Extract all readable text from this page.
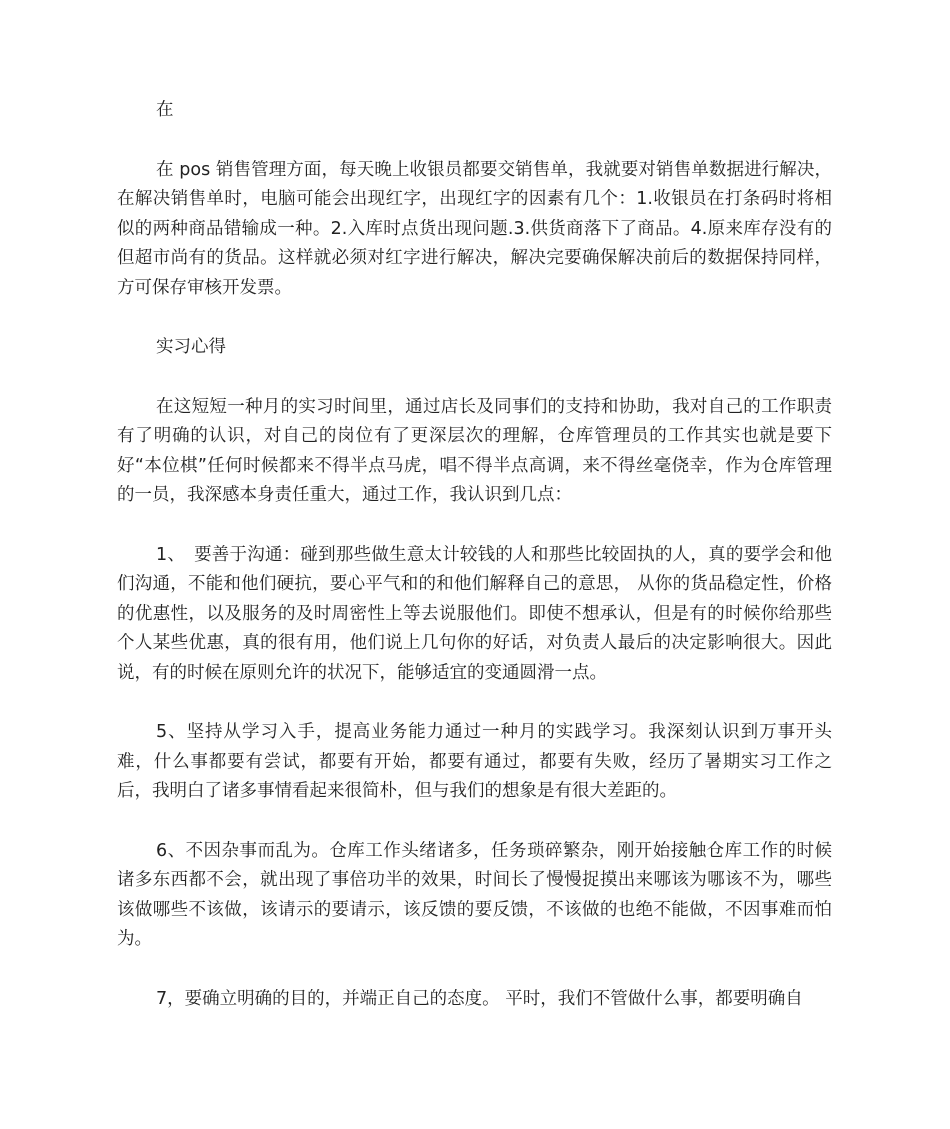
在

在 pos 销售管理方面，每天晚上收银员都要交销售单，我就要对销售单数据进行解决，在解决销售单时，电脑可能会出现红字，出现红字的因素有几个：1.收银员在打条码时将相似的两种商品错输成一种。2.入库时点货出现问题.3.供货商落下了商品。4.原来库存没有的但超市尚有的货品。这样就必须对红字进行解决，解决完要确保解决前后的数据保持同样，方可保存审核开发票。

实习心得

在这短短一种月的实习时间里，通过店长及同事们的支持和协助，我对自己的工作职责有了明确的认识，对自己的岗位有了更深层次的理解，仓库管理员的工作其实也就是要下好“本位棋”任何时候都来不得半点马虎，唱不得半点高调，来不得丝毫侥幸，作为仓库管理的一员，我深感本身责任重大，通过工作，我认识到几点：

1、　要善于沟通：碰到那些做生意太计较钱的人和那些比较固执的人，真的要学会和他们沟通，不能和他们硬抗，要心平气和的和他们解释自己的意思， 从你的货品稳定性，价格的优惠性，以及服务的及时周密性上等去说服他们。即使不想承认，但是有的时候你给那些个人某些优惠，真的很有用，他们说上几句你的好话，对负责人最后的决定影响很大。因此说，有的时候在原则允许的状况下，能够适宜的变通圆滑一点。

5、坚持从学习入手，提高业务能力通过一种月的实践学习。我深刻认识到万事开头难，什么事都要有尝试，都要有开始，都要有通过，都要有失败，经历了暑期实习工作之后，我明白了诸多事情看起来很简朴，但与我们的想象是有很大差距的。

6、不因杂事而乱为。仓库工作头绪诸多，任务琐碎繁杂，刚开始接触仓库工作的时候诸多东西都不会，就出现了事倍功半的效果，时间长了慢慢捉摸出来哪该为哪该不为，哪些该做哪些不该做，该请示的要请示，该反馈的要反馈，不该做的也绝不能做，不因事难而怕为。

7，要确立明确的目的，并端正自己的态度。 平时，我们不管做什么事，都要明确自
